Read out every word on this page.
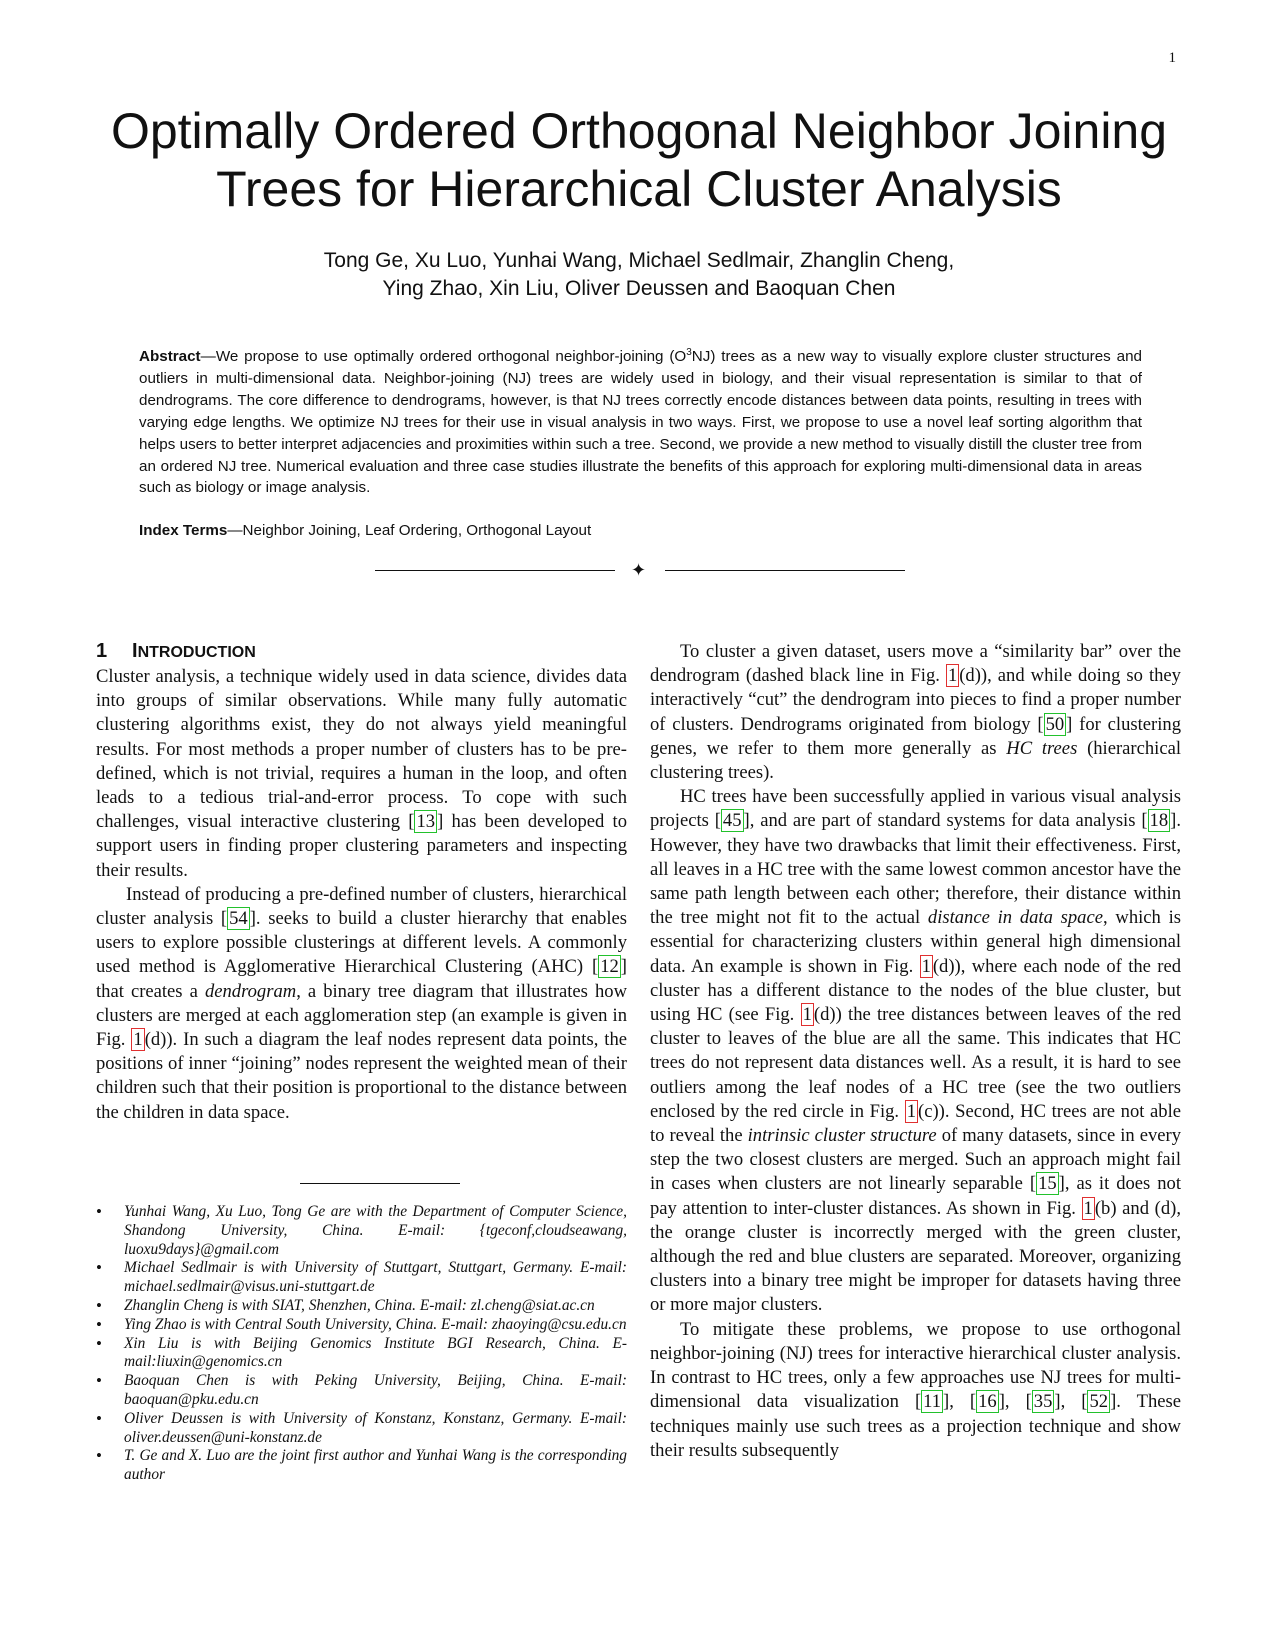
1
Optimally Ordered Orthogonal Neighbor Joining
Trees for Hierarchical Cluster Analysis
Tong Ge, Xu Luo, Yunhai Wang, Michael Sedlmair, Zhanglin Cheng,
Ying Zhao, Xin Liu, Oliver Deussen and Baoquan Chen
Abstract—We propose to use optimally ordered orthogonal neighbor-joining $(O^3NJ)$ trees as a new way to visually explore cluster structures and outliers in multi-dimensional data. Neighbor-joining (NJ) trees are widely used in biology, and their visual representation is similar to that of dendrograms. The core difference to dendrograms, however, is that NJ trees correctly encode distances between data points, resulting in trees with varying edge lengths. We optimize NJ trees for their use in visual analysis in two ways. First, we propose to use a novel leaf sorting algorithm that helps users to better interpret adjacencies and proximities within such a tree. Second, we provide a new method to visually distill the cluster tree from an ordered NJ tree. Numerical evaluation and three case studies illustrate the benefits of this approach for exploring multi-dimensional data in areas such as biology or image analysis.
Index Terms—Neighbor Joining, Leaf Ordering, Orthogonal Layout
✦
1 INTRODUCTION

Cluster analysis, a technique widely used in data science, divides data into groups of similar observations. While many fully automatic clustering algorithms exist, they do not always yield meaningful results. For most methods a proper number of clusters has to be pre-defined, which is not trivial, requires a human in the loop, and often leads to a tedious trial-and-error process. To cope with such challenges, visual interactive clustering [ 13 ] has been developed to support users in finding proper clustering parameters and inspecting their results.

Instead of producing a pre-defined number of clusters, hierarchical cluster analysis [ 54 ]. seeks to build a cluster hierarchy that enables users to explore possible clusterings at different levels. A commonly used method is Agglomerative Hierarchical Clustering (AHC) [ 12 ] that creates a dendrogram, a binary tree diagram that illustrates how clusters are merged at each agglomeration step (an example is given in Fig. 1 (d)). In such a diagram the leaf nodes represent data points, the positions of inner “joining” nodes represent the weighted mean of their children such that their position is proportional to the distance between the children in data space.

• Yunhai Wang, Xu Luo, Tong Ge are with the Department of Computer Science, Shandong University, China. E-mail: {tgeconf,cloudseawang, luoxu9days}@gmail.com
• Michael Sedlmair is with University of Stuttgart, Stuttgart, Germany. E-mail: michael.sedlmair@visus.uni-stuttgart.de
• Zhanglin Cheng is with SIAT, Shenzhen, China. E-mail: zl.cheng@siat.ac.cn
• Ying Zhao is with Central South University, China. E-mail: zhaoying@csu.edu.cn
• Xin Liu is with Beijing Genomics Institute BGI Research, China. E-mail:liuxin@genomics.cn
• Baoquan Chen is with Peking University, Beijing, China. E-mail: baoquan@pku.edu.cn
• Oliver Deussen is with University of Konstanz, Konstanz, Germany. E-mail: oliver.deussen@uni-konstanz.de
• T. Ge and X. Luo are the joint first author and Yunhai Wang is the corresponding author

To cluster a given dataset, users move a “similarity bar” over the dendrogram (dashed black line in Fig. 1 (d)), and while doing so they interactively “cut” the dendrogram into pieces to find a proper number of clusters. Dendrograms originated from biology [ 50 ] for clustering genes, we refer to them more generally as HC trees (hierarchical clustering trees).

HC trees have been successfully applied in various visual analysis projects [ 45 ], and are part of standard systems for data analysis [ 18 ]. However, they have two drawbacks that limit their effectiveness. First, all leaves in a HC tree with the same lowest common ancestor have the same path length between each other; therefore, their distance within the tree might not fit to the actual distance in data space, which is essential for characterizing clusters within general high dimensional data. An example is shown in Fig. 1 (d)), where each node of the red cluster has a different distance to the nodes of the blue cluster, but using HC (see Fig. 1 (d)) the tree distances between leaves of the red cluster to leaves of the blue are all the same. This indicates that HC trees do not represent data distances well. As a result, it is hard to see outliers among the leaf nodes of a HC tree (see the two outliers enclosed by the red circle in Fig. 1 (c)). Second, HC trees are not able to reveal the intrinsic cluster structure of many datasets, since in every step the two closest clusters are merged. Such an approach might fail in cases when clusters are not linearly separable [ 15 ], as it does not pay attention to inter-cluster distances. As shown in Fig. 1 (b) and (d), the orange cluster is incorrectly merged with the green cluster, although the red and blue clusters are separated. Moreover, organizing clusters into a binary tree might be improper for datasets having three or more major clusters.

To mitigate these problems, we propose to use orthogonal neighbor-joining (NJ) trees for interactive hierarchical cluster analysis. In contrast to HC trees, only a few approaches use NJ trees for multi-dimensional data visualization [ 11 ], [ 16 ], [ 35 ], [ 52 ]. These techniques mainly use such trees as a projection technique and show their results subsequently
